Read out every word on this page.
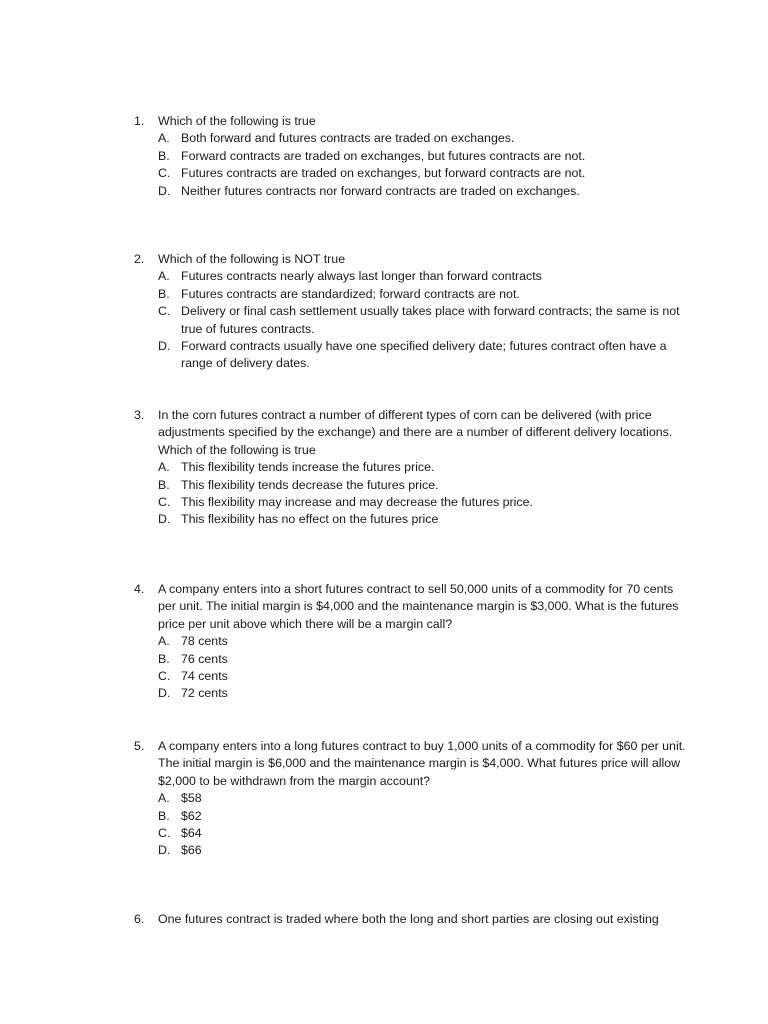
1.	Which of the following is true
A. Both forward and futures contracts are traded on exchanges.
B. Forward contracts are traded on exchanges, but futures contracts are not.
C. Futures contracts are traded on exchanges, but forward contracts are not.
D. Neither futures contracts nor forward contracts are traded on exchanges.
2.	Which of the following is NOT true
A. Futures contracts nearly always last longer than forward contracts
B. Futures contracts are standardized; forward contracts are not.
C. Delivery or final cash settlement usually takes place with forward contracts; the same is not true of futures contracts.
D. Forward contracts usually have one specified delivery date; futures contract often have a range of delivery dates.
3.	In the corn futures contract a number of different types of corn can be delivered (with price adjustments specified by the exchange) and there are a number of different delivery locations. Which of the following is true
A. This flexibility tends increase the futures price.
B. This flexibility tends decrease the futures price.
C. This flexibility may increase and may decrease the futures price.
D. This flexibility has no effect on the futures price
4.	A company enters into a short futures contract to sell 50,000 units of a commodity for 70 cents per unit. The initial margin is $4,000 and the maintenance margin is $3,000. What is the futures price per unit above which there will be a margin call?
A. 78 cents
B. 76 cents
C. 74 cents
D. 72 cents
5.	A company enters into a long futures contract to buy 1,000 units of a commodity for $60 per unit. The initial margin is $6,000 and the maintenance margin is $4,000. What futures price will allow $2,000 to be withdrawn from the margin account?
A. $58
B. $62
C. $64
D. $66
6.	One futures contract is traded where both the long and short parties are closing out existing
